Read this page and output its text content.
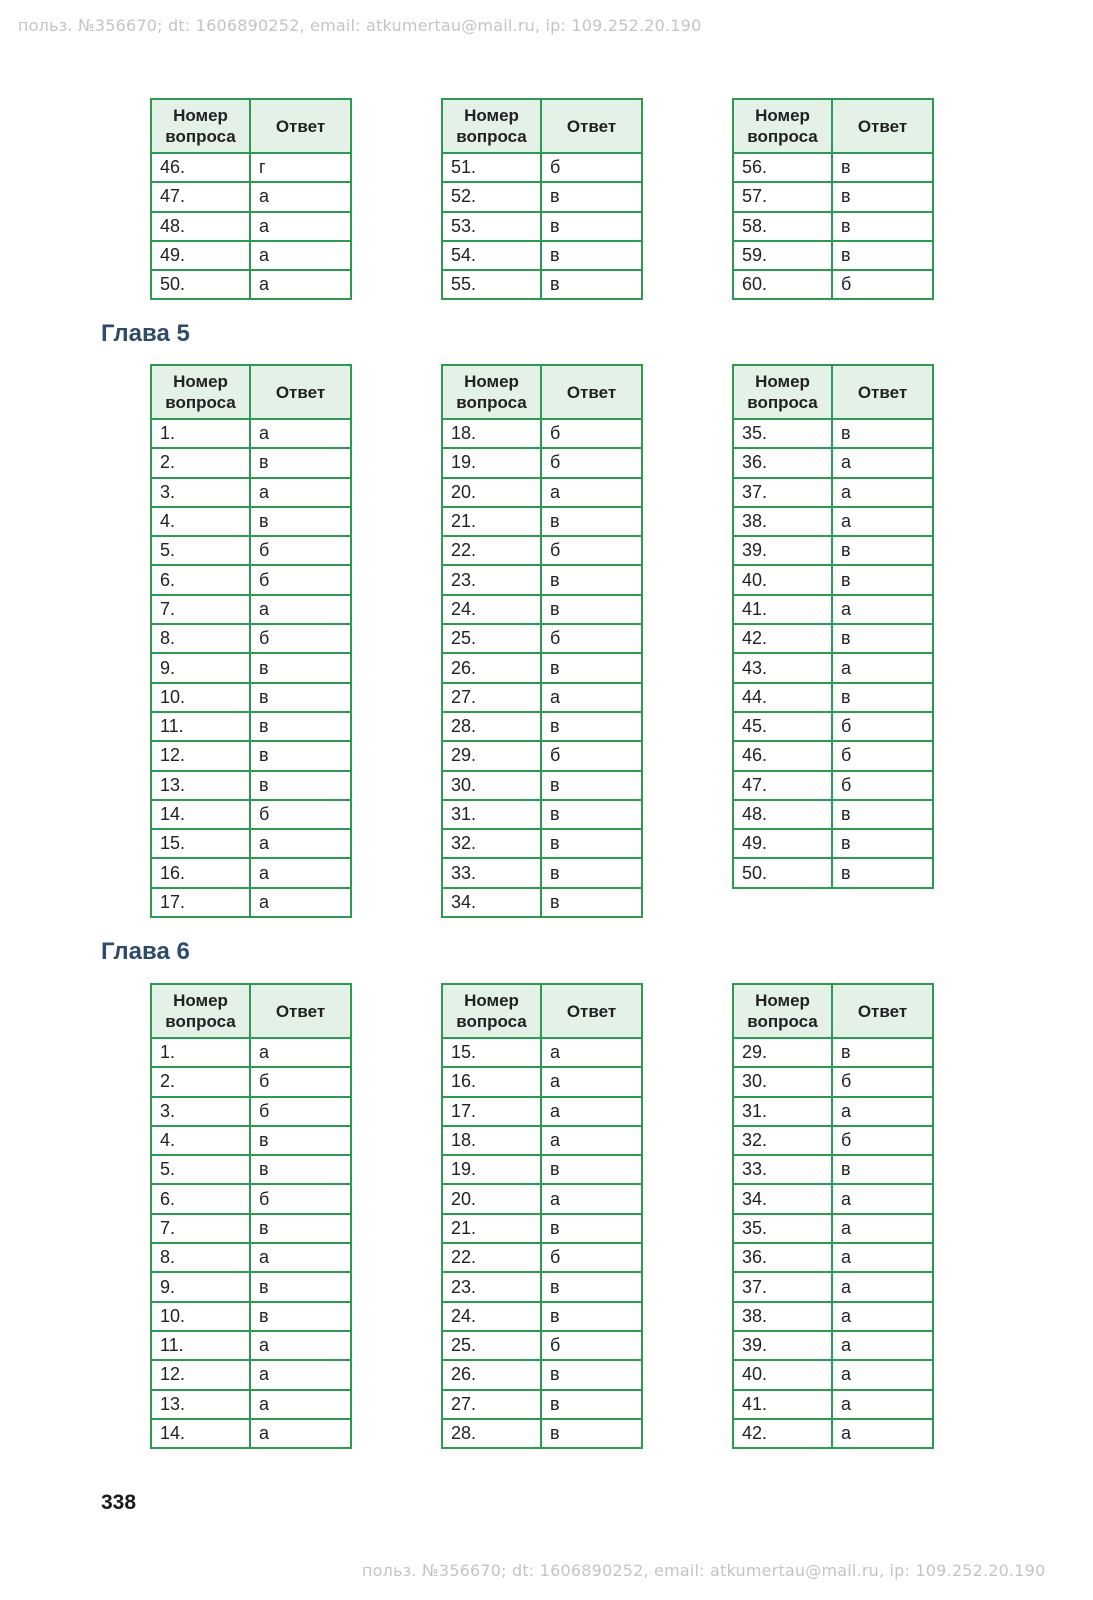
польз. №356670; dt: 1606890252, email: atkumertau@mail.ru, ip: 109.252.20.190
Номер вопроса	Ответ
46.	г
47.	а
48.	а
49.	а
50.	а
Номер вопроса	Ответ
51.	б
52.	в
53.	в
54.	в
55.	в
Номер вопроса	Ответ
56.	в
57.	в
58.	в
59.	в
60.	б
Глава 5
Номер вопроса	Ответ
1.	а
2.	в
3.	а
4.	в
5.	б
6.	б
7.	а
8.	б
9.	в
10.	в
11.	в
12.	в
13.	в
14.	б
15.	а
16.	а
17.	а
Номер вопроса	Ответ
18.	б
19.	б
20.	а
21.	в
22.	б
23.	в
24.	в
25.	б
26.	в
27.	а
28.	в
29.	б
30.	в
31.	в
32.	в
33.	в
34.	в
Номер вопроса	Ответ
35.	в
36.	а
37.	а
38.	а
39.	в
40.	в
41.	а
42.	в
43.	а
44.	в
45.	б
46.	б
47.	б
48.	в
49.	в
50.	в
Глава 6
Номер вопроса	Ответ
1.	а
2.	б
3.	б
4.	в
5.	в
6.	б
7.	в
8.	а
9.	в
10.	в
11.	а
12.	а
13.	а
14.	а
Номер вопроса	Ответ
15.	а
16.	а
17.	а
18.	а
19.	в
20.	а
21.	в
22.	б
23.	в
24.	в
25.	б
26.	в
27.	в
28.	в
Номер вопроса	Ответ
29.	в
30.	б
31.	а
32.	б
33.	в
34.	а
35.	а
36.	а
37.	а
38.	а
39.	а
40.	а
41.	а
42.	а
338
польз. №356670; dt: 1606890252, email: atkumertau@mail.ru, ip: 109.252.20.190
